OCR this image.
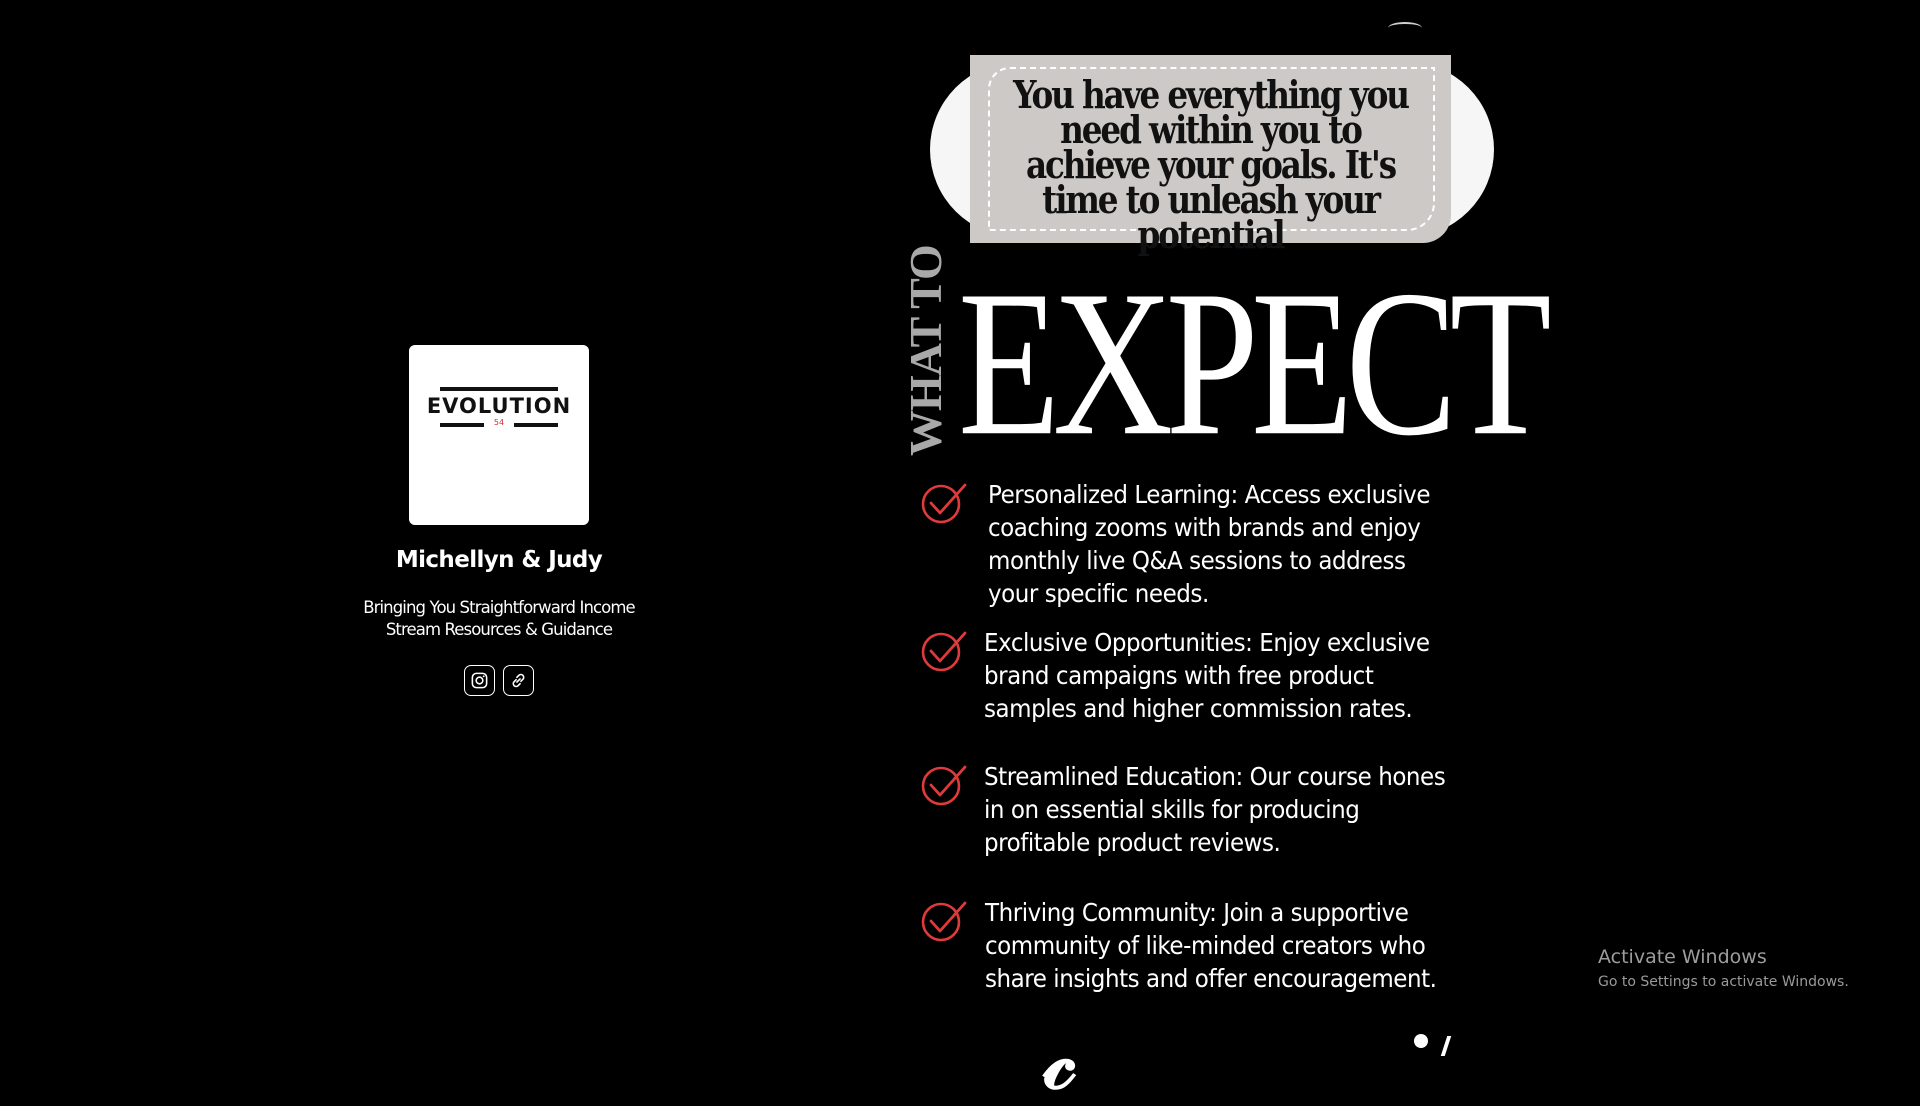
EVOLUTION
54
Michellyn & Judy
Bringing You Straightforward Income Stream Resources & Guidance
You have everything you need within you to achieve your goals. It's time to unleash your potential
WHAT TO EXPECT
Personalized Learning: Access exclusive coaching zooms with brands and enjoy monthly live Q&A sessions to address your specific needs.
Exclusive Opportunities: Enjoy exclusive brand campaigns with free product samples and higher commission rates.
Streamlined Education: Our course hones in on essential skills for producing profitable product reviews.
Thriving Community: Join a supportive community of like-minded creators who share insights and offer encouragement.
𝒸
Activate Windows
Go to Settings to activate Windows.
